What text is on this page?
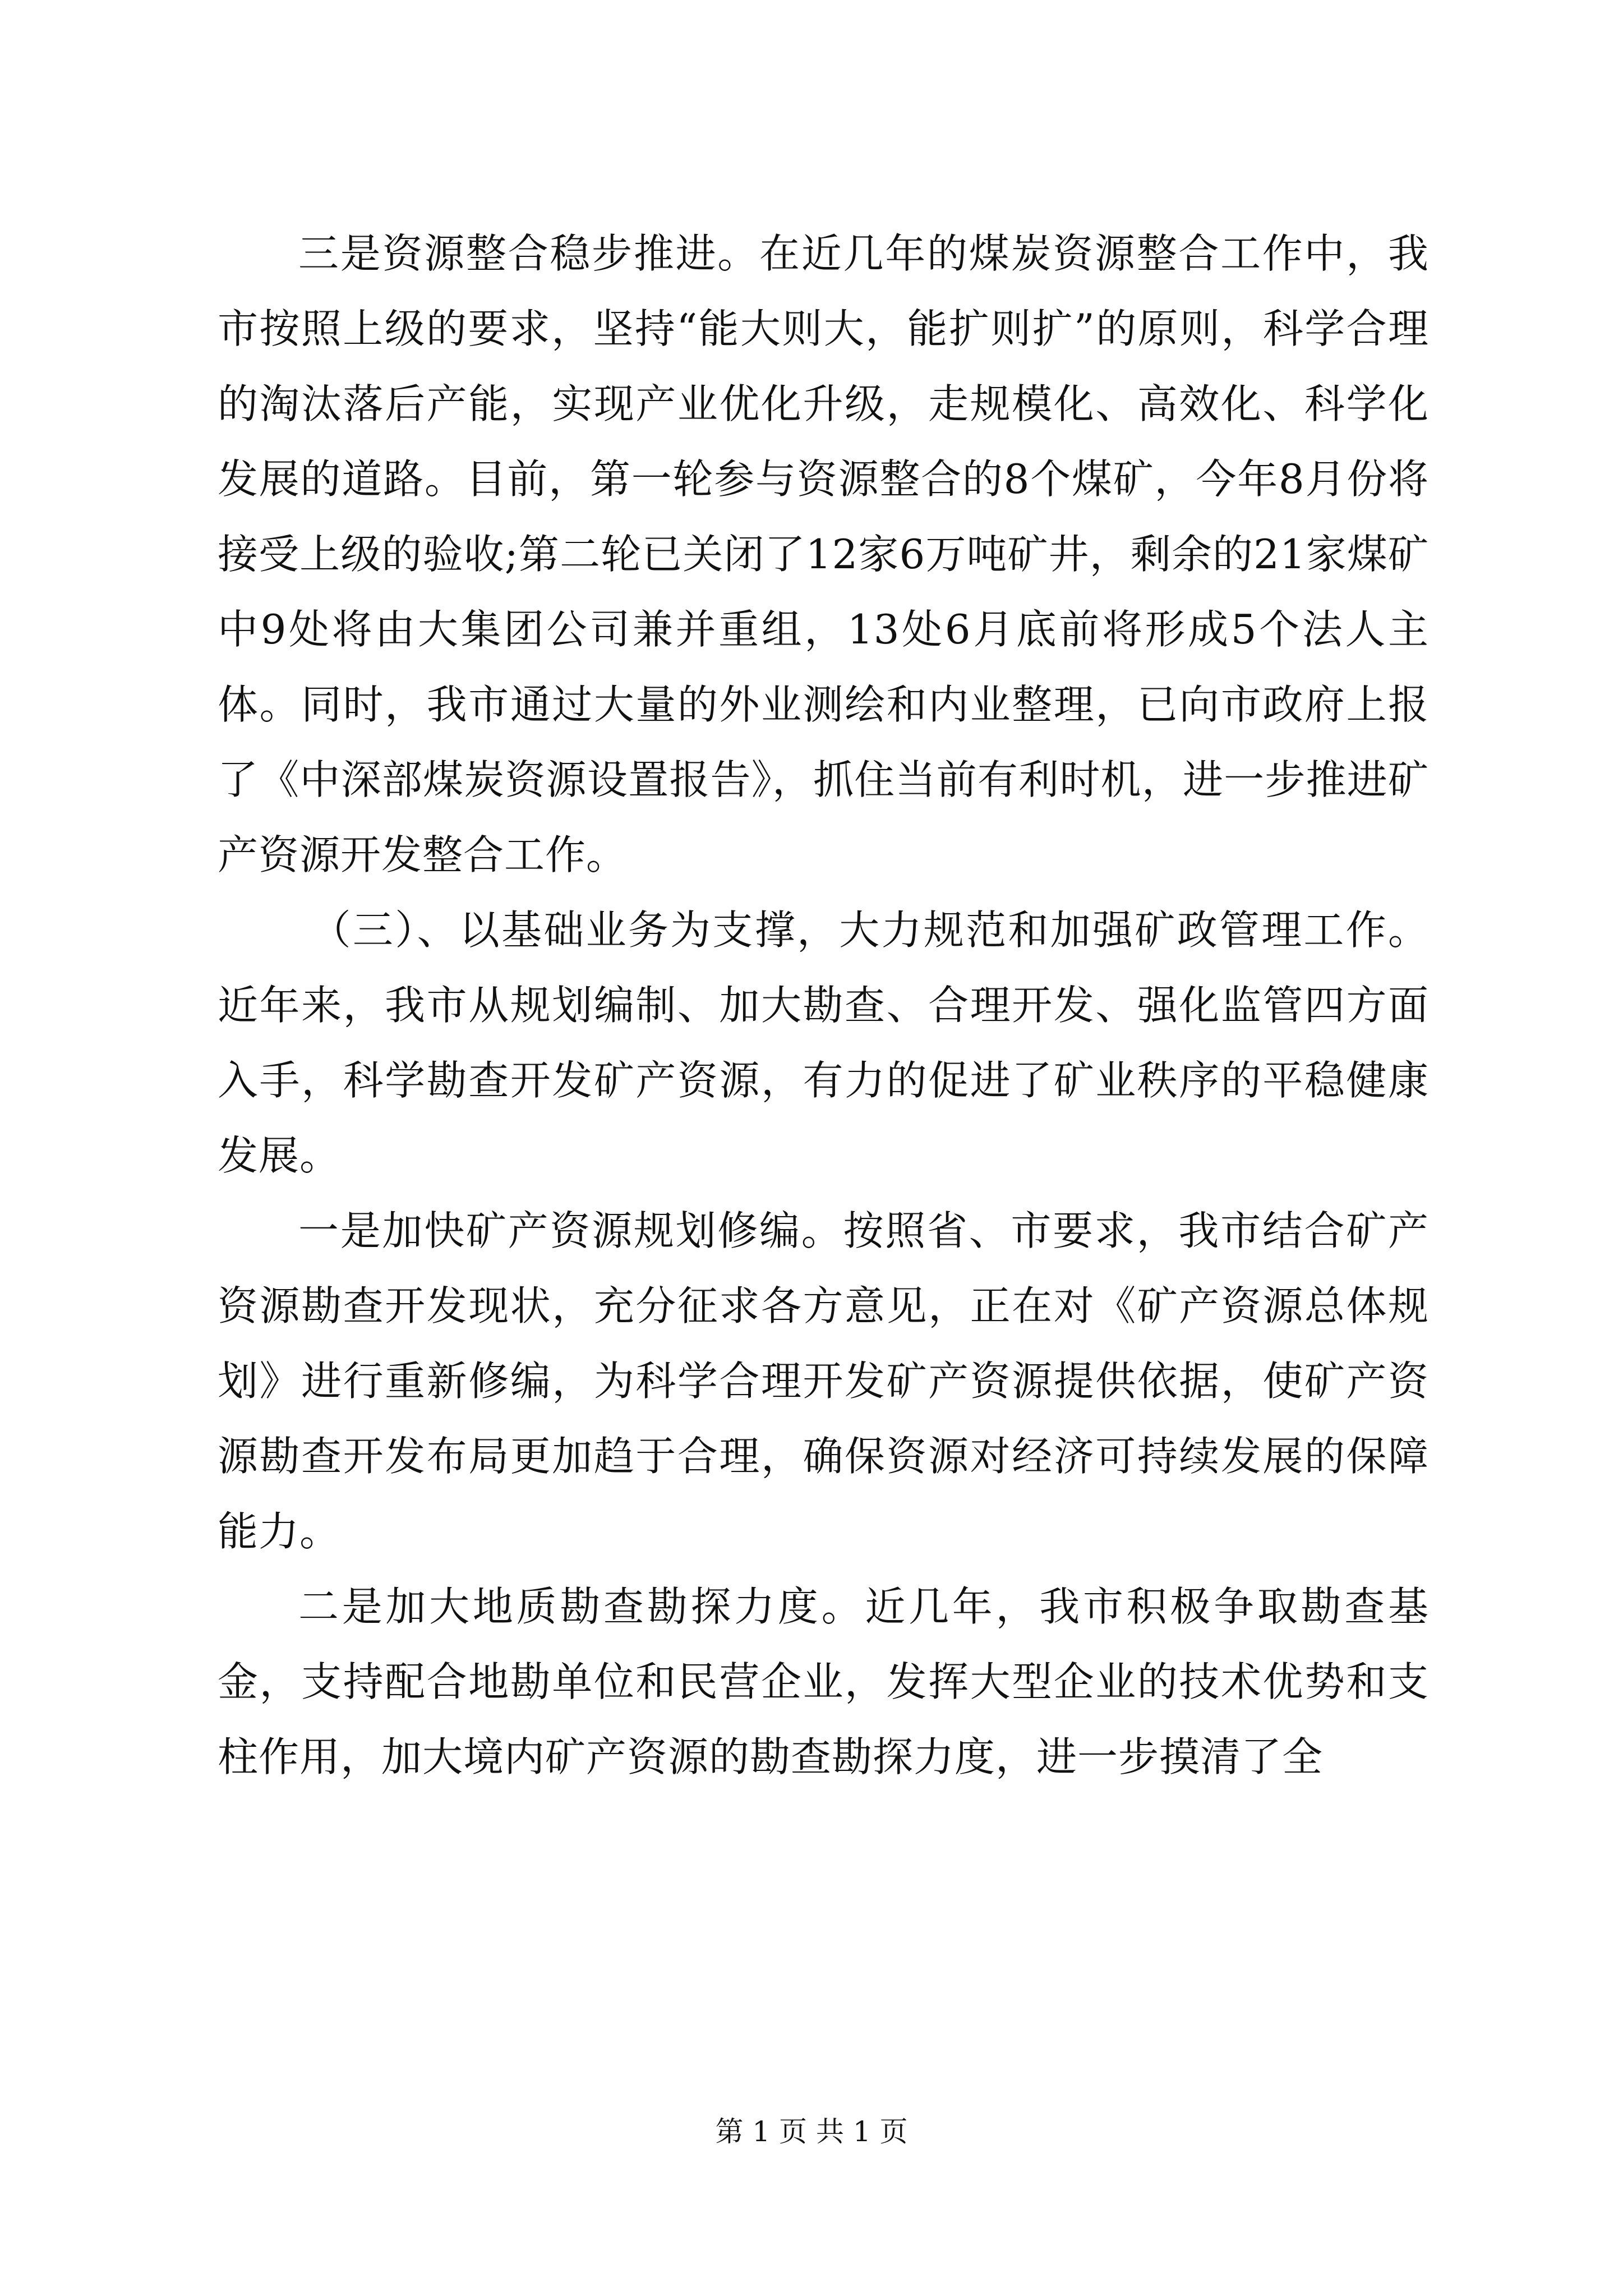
三是资源整合稳步推进。在近几年的煤炭资源整合工作中，我市按照上级的要求，坚持“能大则大，能扩则扩”的原则，科学合理的淘汰落后产能，实现产业优化升级，走规模化、高效化、科学化发展的道路。目前，第一轮参与资源整合的8个煤矿，今年8月份将接受上级的验收;第二轮已关闭了12家6万吨矿井，剩余的21家煤矿中9处将由大集团公司兼并重组，13处6月底前将形成5个法人主体。同时，我市通过大量的外业测绘和内业整理，已向市政府上报了《中深部煤炭资源设置报告》，抓住当前有利时机，进一步推进矿产资源开发整合工作。

（三）、以基础业务为支撑，大力规范和加强矿政管理工作。近年来，我市从规划编制、加大勘查、合理开发、强化监管四方面入手，科学勘查开发矿产资源，有力的促进了矿业秩序的平稳健康发展。

一是加快矿产资源规划修编。按照省、市要求，我市结合矿产资源勘查开发现状，充分征求各方意见，正在对《矿产资源总体规划》进行重新修编，为科学合理开发矿产资源提供依据，使矿产资源勘查开发布局更加趋于合理，确保资源对经济可持续发展的保障能力。

二是加大地质勘查勘探力度。近几年，我市积极争取勘查基金，支持配合地勘单位和民营企业，发挥大型企业的技术优势和支柱作用，加大境内矿产资源的勘查勘探力度，进一步摸清了全

第 1 页 共 1 页
